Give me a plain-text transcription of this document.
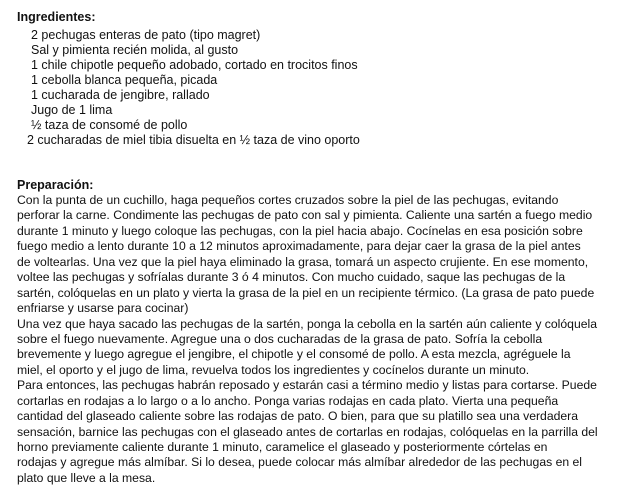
Ingredientes:
2 pechugas enteras de pato (tipo magret)
Sal y pimienta recién molida, al gusto
1 chile chipotle pequeño adobado, cortado en trocitos finos
1 cebolla blanca pequeña, picada
1 cucharada de jengibre, rallado
Jugo de 1 lima
½ taza de consomé de pollo
2 cucharadas de miel tibia disuelta en ½ taza de vino oporto
Preparación:
Con la punta de un cuchillo, haga pequeños cortes cruzados sobre la piel de las pechugas, evitando
perforar la carne. Condimente las pechugas de pato con sal y pimienta. Caliente una sartén a fuego medio
durante 1 minuto y luego coloque las pechugas, con la piel hacia abajo. Cocínelas en esa posición sobre
fuego medio a lento durante 10 a 12 minutos aproximadamente, para dejar caer la grasa de la piel antes
de voltearlas. Una vez que la piel haya eliminado la grasa, tomará un aspecto crujiente. En ese momento,
voltee las pechugas y sofríalas durante 3 ó 4 minutos. Con mucho cuidado, saque las pechugas de la
sartén, colóquelas en un plato y vierta la grasa de la piel en un recipiente térmico. (La grasa de pato puede
enfriarse y usarse para cocinar)
Una vez que haya sacado las pechugas de la sartén, ponga la cebolla en la sartén aún caliente y colóquela
sobre el fuego nuevamente. Agregue una o dos cucharadas de la grasa de pato. Sofría la cebolla
brevemente y luego agregue el jengibre, el chipotle y el consomé de pollo. A esta mezcla, agréguele la
miel, el oporto y el jugo de lima, revuelva todos los ingredientes y cocínelos durante un minuto.
Para entonces, las pechugas habrán reposado y estarán casi a término medio y listas para cortarse. Puede
cortarlas en rodajas a lo largo o a lo ancho. Ponga varias rodajas en cada plato. Vierta una pequeña
cantidad del glaseado caliente sobre las rodajas de pato. O bien, para que su platillo sea una verdadera
sensación, barnice las pechugas con el glaseado antes de cortarlas en rodajas, colóquelas en la parrilla del
horno previamente caliente durante 1 minuto, caramelice el glaseado y posteriormente córtelas en
rodajas y agregue más almíbar. Si lo desea, puede colocar más almíbar alrededor de las pechugas en el
plato que lleve a la mesa.
